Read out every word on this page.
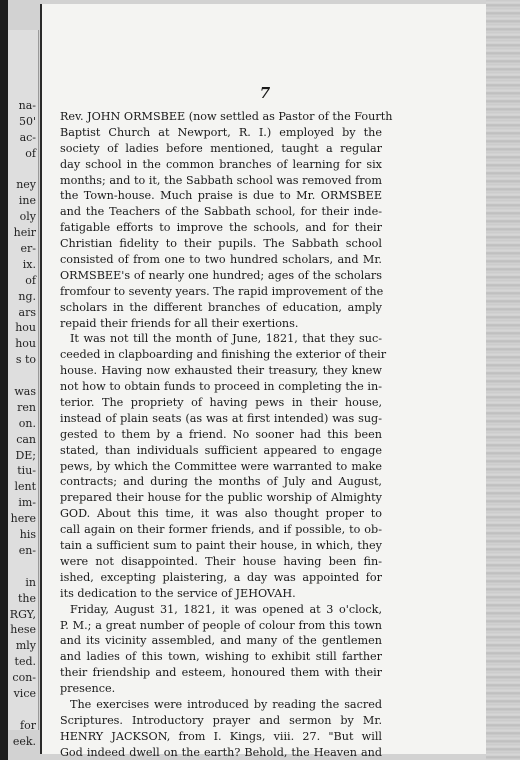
na-
50'
ac-
of
ney
ine
oly
heir
er-
ix.
of
ng.
ars
hou
hou
s to
was
ren
on.
can
DE;
tiu-
lent
im-
here
his
en-
in
the
RGY,
hese
mly
ted.
con-
vice
for
eek.
7
Rev. JOHN ORMSBEE (now settled as Pastor of the Fourth
Baptist Church at Newport, R. I.) employed by the
society of ladies before mentioned, taught a regular
day school in the common branches of learning for six
months; and to it, the Sabbath school was removed from
the Town-house. Much praise is due to Mr. ORMSBEE
and the Teachers of the Sabbath school, for their inde-
fatigable efforts to improve the schools, and for their
Christian fidelity to their pupils. The Sabbath school
consisted of from one to two hundred scholars, and Mr.
ORMSBEE's of nearly one hundred; ages of the scholars
fromfour to seventy years. The rapid improvement of the
scholars in the different branches of education, amply
repaid their friends for all their exertions.
It was not till the month of June, 1821, that they suc-
ceeded in clapboarding and finishing the exterior of their
house. Having now exhausted their treasury, they knew
not how to obtain funds to proceed in completing the in-
terior. The propriety of having pews in their house,
instead of plain seats (as was at first intended) was sug-
gested to them by a friend. No sooner had this been
stated, than individuals sufficient appeared to engage
pews, by which the Committee were warranted to make
contracts; and during the months of July and August,
prepared their house for the public worship of Almighty
GOD. About this time, it was also thought proper to
call again on their former friends, and if possible, to ob-
tain a sufficient sum to paint their house, in which, they
were not disappointed. Their house having been fin-
ished, excepting plaistering, a day was appointed for
its dedication to the service of JEHOVAH.
Friday, August 31, 1821, it was opened at 3 o'clock,
P. M.; a great number of people of colour from this town
and its vicinity assembled, and many of the gentlemen
and ladies of this town, wishing to exhibit still farther
their friendship and esteem, honoured them with their
presence.
The exercises were introduced by reading the sacred
Scriptures. Introductory prayer and sermon by Mr.
HENRY JACKSON, from I. Kings, viii. 27. "But will
God indeed dwell on the earth? Behold, the Heaven and
